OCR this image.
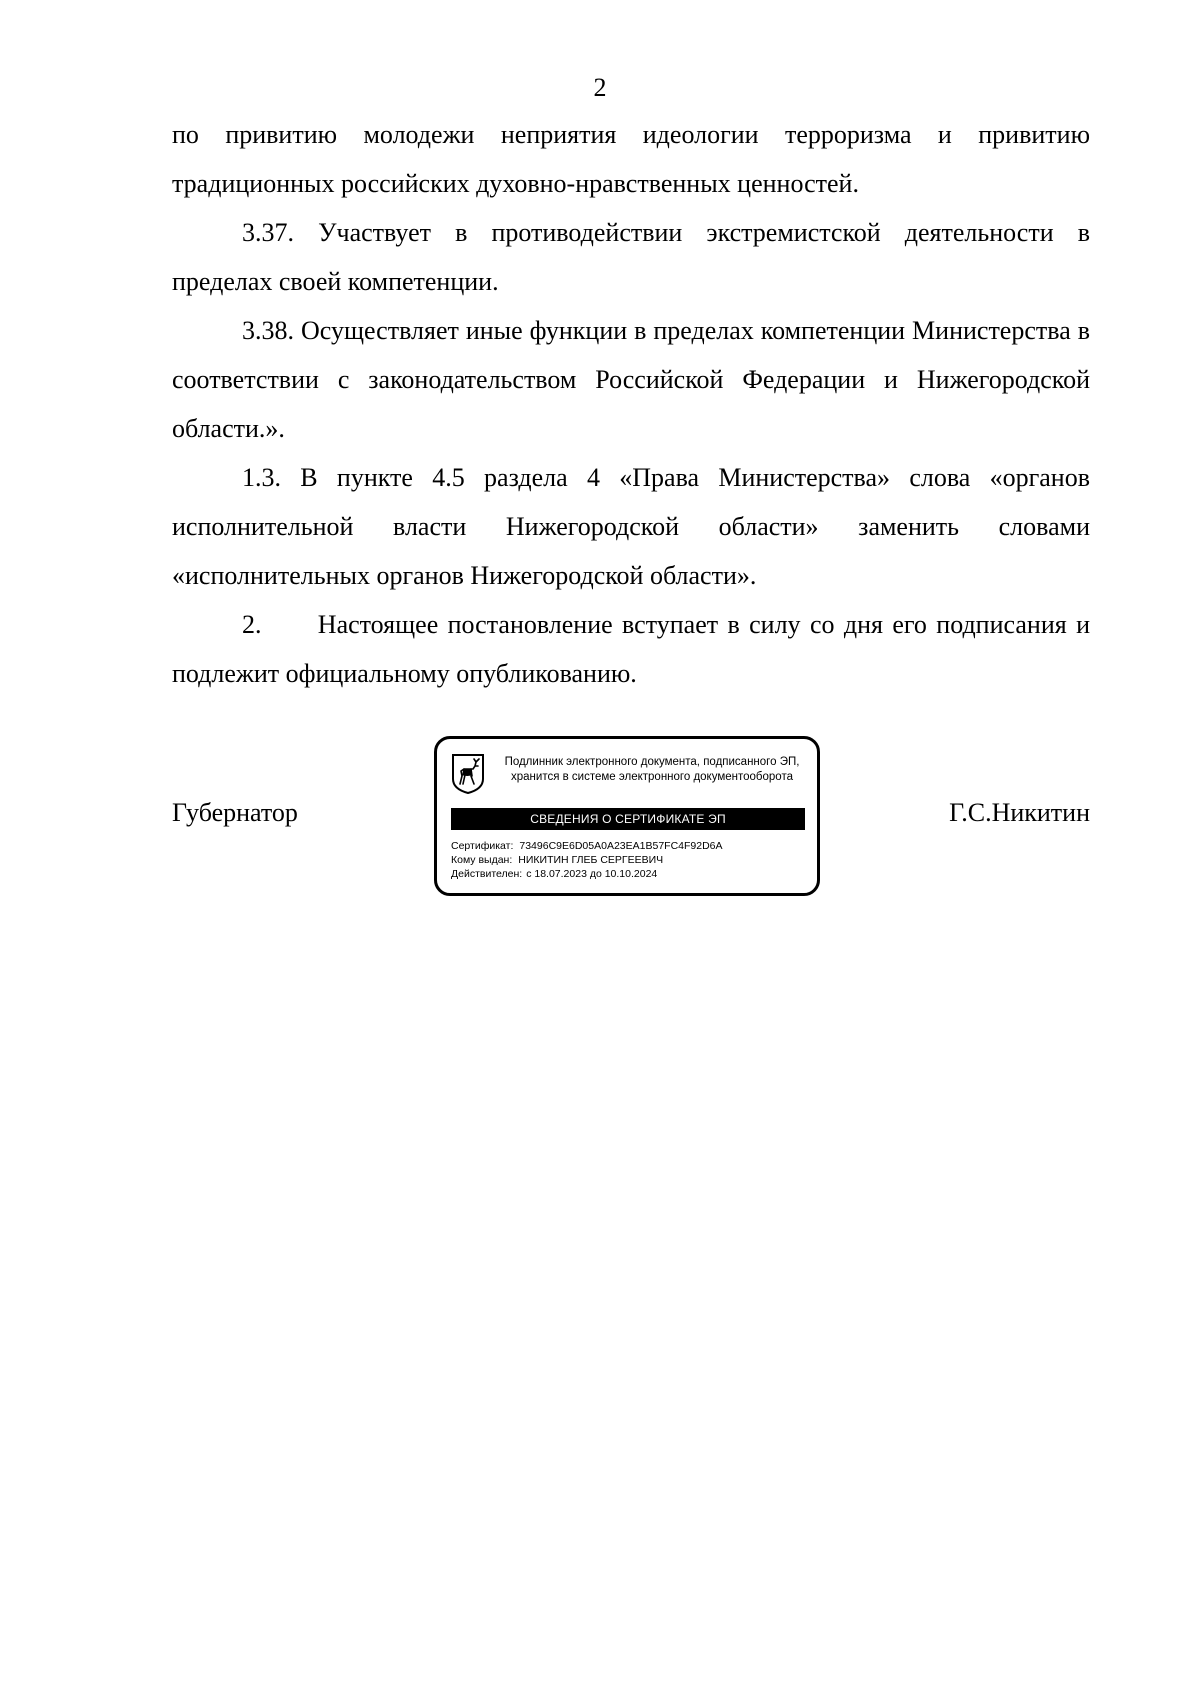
2

по привитию молодежи неприятия идеологии терроризма и привитию традиционных российских духовно-нравственных ценностей.

3.37. Участвует в противодействии экстремистской деятельности в пределах своей компетенции.

3.38. Осуществляет иные функции в пределах компетенции Министерства в соответствии с законодательством Российской Федерации и Нижегородской области.».

1.3. В пункте 4.5 раздела 4 «Права Министерства» слова «органов исполнительной власти Нижегородской области» заменить словами «исполнительных органов Нижегородской области».

2.      Настоящее постановление вступает в силу со дня его подписания и подлежит официальному опубликованию.

Губернатор	Г.С.Никитин
Подлинник электронного документа, подписанного ЭП,
хранится в системе электронного документооборота
СВЕДЕНИЯ О СЕРТИФИКАТЕ ЭП
Сертификат: 73496C9E6D05A0A23EA1B57FC4F92D6A
Кому выдан: НИКИТИН ГЛЕБ СЕРГЕЕВИЧ
Действителен: с 18.07.2023 до 10.10.2024
